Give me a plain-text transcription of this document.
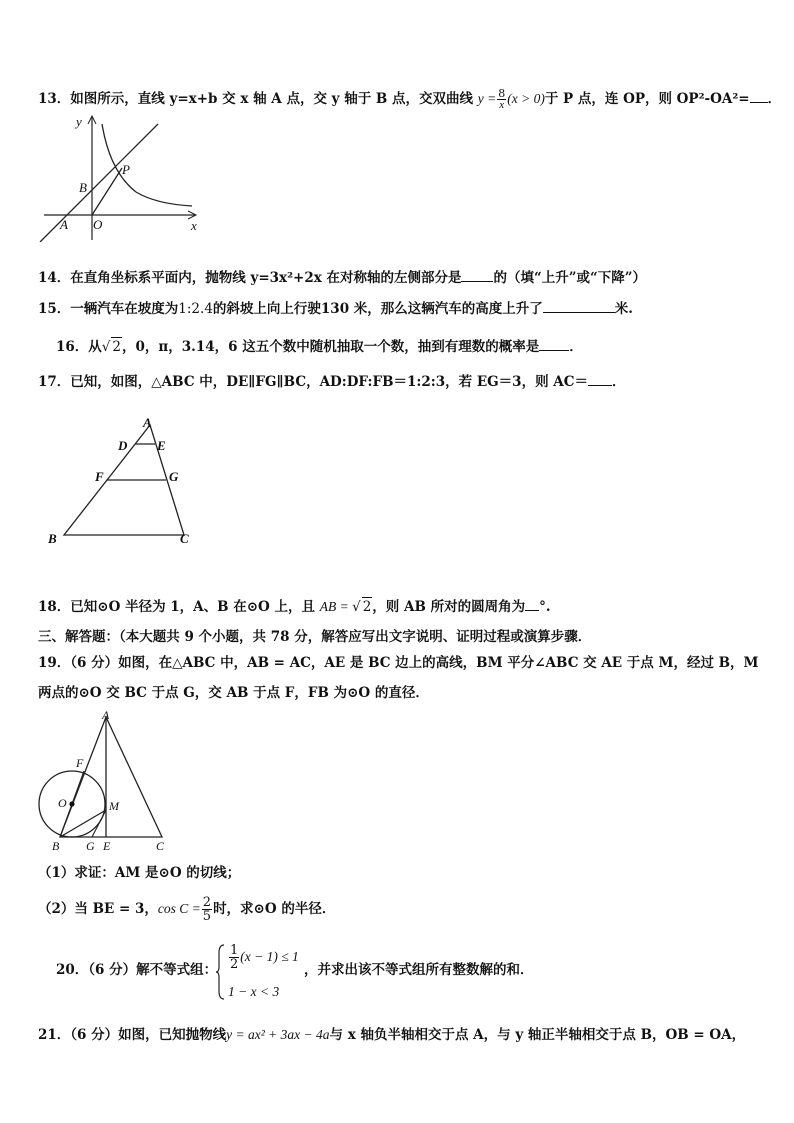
13．如图所示，直线 y=x+b 交 x 轴 A 点，交 y 轴于 B 点，交双曲线 $y = \frac{8}{x} (x > 0)$于 P 点，连 OP，则 OP²-OA²= ．
y
x
P
B
A O
14．在直角坐标系平面内，抛物线 y=3x²+2x 在对称轴的左侧部分是 的（填“上升”或“下降”）
15．一辆汽车在坡度为1:2.4的斜坡上向上行驶130 米，那么这辆汽车的高度上升了	米.
16．从√ 2，0，π，3.14，6 这五个数中随机抽取一个数，抽到有理数的概率是 ．
17．已知，如图，△ABC 中，DE∥FG∥BC，AD:DF:FB＝1:2:3，若 EG＝3，则 AC＝ ．
A
D E
F	G
B	C
18．已知⊙O 半径为 1，A、B 在⊙O 上，且 AB = √ 2，则 AB 所对的圆周角为 °.
三、解答题：（本大题共 9 个小题，共 78 分，解答应写出文字说明、证明过程或演算步骤．
19．（6 分）如图，在△ABC 中，AB = AC，AE 是 BC 边上的高线，BM 平分∠ABC 交 AE 于点 M，经过 B，M
两点的⊙O 交 BC 于点 G，交 AB 于点 F，FB 为⊙O 的直径．
A
F
O	M
B G E	C
（1）求证：AM 是⊙O 的切线；
（2）当 BE = 3，$\cos C = \frac{2}{5}$ 时，求⊙O 的半径．
20．（6 分）解不等式组： $\frac{1}{2} (x - 1) \le 1$
1 − x < 3
，并求出该不等式组所有整数解的和．
21．（6 分）如图，已知抛物线y = ax² + 3ax − 4a与 x 轴负半轴相交于点 A，与 y 轴正半轴相交于点 B，OB = OA，
